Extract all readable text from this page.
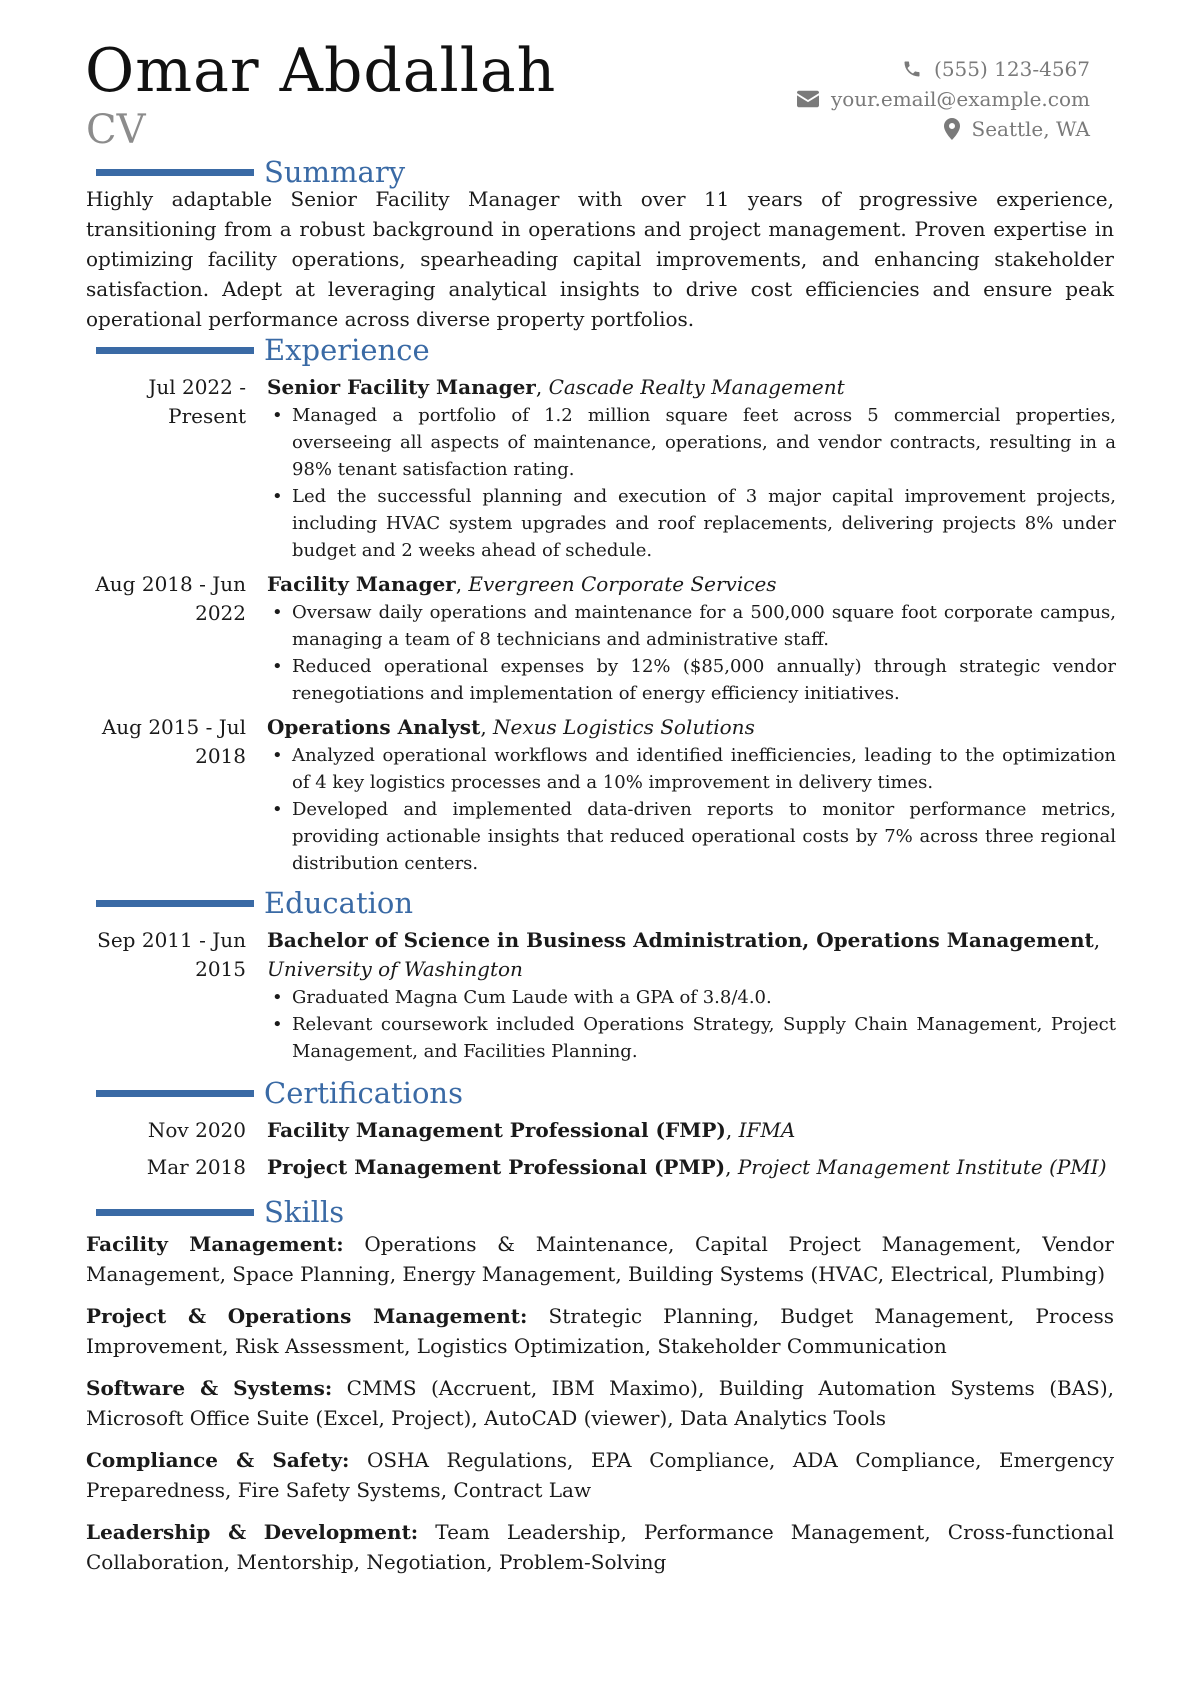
Omar Abdallah
CV
(555) 123-4567
your.email@example.com
Seattle, WA
Summary
Highly adaptable Senior Facility Manager with over 11 years of progressive experience, transitioning from a robust background in operations and project management. Proven expertise in optimizing facility operations, spearheading capital improvements, and enhancing stakeholder satisfaction. Adept at leveraging analytical insights to drive cost efficiencies and ensure peak operational performance across diverse property portfolios.
Experience
Jul 2022 - Present
Senior Facility Manager, Cascade Realty Management
• Managed a portfolio of 1.2 million square feet across 5 commercial properties, overseeing all aspects of maintenance, operations, and vendor contracts, resulting in a 98% tenant satisfaction rating.
• Led the successful planning and execution of 3 major capital improvement projects, including HVAC system upgrades and roof replacements, delivering projects 8% under budget and 2 weeks ahead of schedule.
Aug 2018 - Jun 2022
Facility Manager, Evergreen Corporate Services
• Oversaw daily operations and maintenance for a 500,000 square foot corporate campus, managing a team of 8 technicians and administrative staff.
• Reduced operational expenses by 12% ($85,000 annually) through strategic vendor renegotiations and implementation of energy efficiency initiatives.
Aug 2015 - Jul 2018
Operations Analyst, Nexus Logistics Solutions
• Analyzed operational workflows and identified inefficiencies, leading to the optimization of 4 key logistics processes and a 10% improvement in delivery times.
• Developed and implemented data-driven reports to monitor performance metrics, providing actionable insights that reduced operational costs by 7% across three regional distribution centers.
Education
Sep 2011 - Jun 2015
Bachelor of Science in Business Administration, Operations Management, University of Washington
• Graduated Magna Cum Laude with a GPA of 3.8/4.0.
• Relevant coursework included Operations Strategy, Supply Chain Management, Project Management, and Facilities Planning.
Certifications
Nov 2020 Facility Management Professional (FMP), IFMA
Mar 2018 Project Management Professional (PMP), Project Management Institute (PMI)
Skills
Facility Management: Operations & Maintenance, Capital Project Management, Vendor Management, Space Planning, Energy Management, Building Systems (HVAC, Electrical, Plumbing)
Project & Operations Management: Strategic Planning, Budget Management, Process Improvement, Risk Assessment, Logistics Optimization, Stakeholder Communication
Software & Systems: CMMS (Accruent, IBM Maximo), Building Automation Systems (BAS), Microsoft Office Suite (Excel, Project), AutoCAD (viewer), Data Analytics Tools
Compliance & Safety: OSHA Regulations, EPA Compliance, ADA Compliance, Emergency Preparedness, Fire Safety Systems, Contract Law
Leadership & Development: Team Leadership, Performance Management, Cross-functional Collaboration, Mentorship, Negotiation, Problem-Solving
